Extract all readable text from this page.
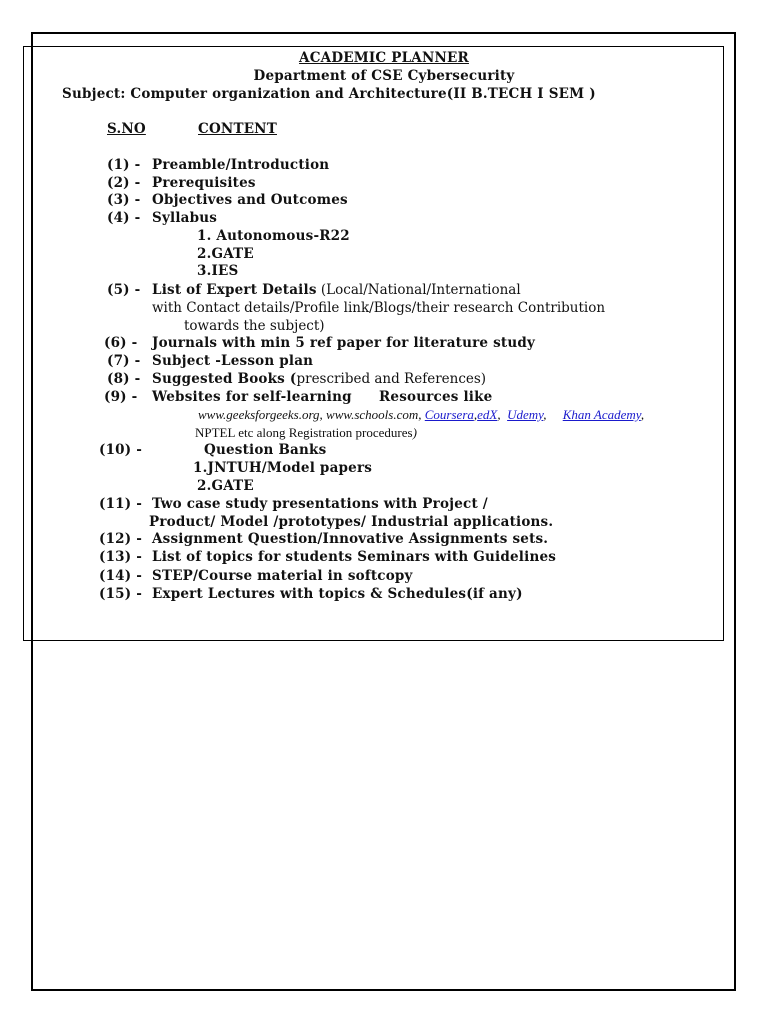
ACADEMIC PLANNER
Department of CSE Cybersecurity
Subject: Computer organization and Architecture(II B.TECH I SEM )
S.NO	CONTENT
(1) - Preamble/Introduction
(2) - Prerequisites
(3) - Objectives and Outcomes
(4) - Syllabus
1. Autonomous-R22
2.GATE
3.IES
(5) - List of Expert Details (Local/National/International
with Contact details/Profile link/Blogs/their research Contribution
towards the subject)
(6) - Journals with min 5 ref paper for literature study
(7) - Subject -Lesson plan
(8) - Suggested Books (prescribed and References)
(9) - Websites for self-learning Resources like
www.geeksforgeeks.org, www.schools.com, Coursera,edX, Udemy, Khan Academy,
NPTEL etc along Registration procedures)
(10) -	Question Banks
1.JNTUH/Model papers
2.GATE
(11) - Two case study presentations with Project /
Product/ Model /prototypes/ Industrial applications.
(12) - Assignment Question/Innovative Assignments sets.
(13) - List of topics for students Seminars with Guidelines
(14) - STEP/Course material in softcopy
(15) - Expert Lectures with topics & Schedules(if any)
